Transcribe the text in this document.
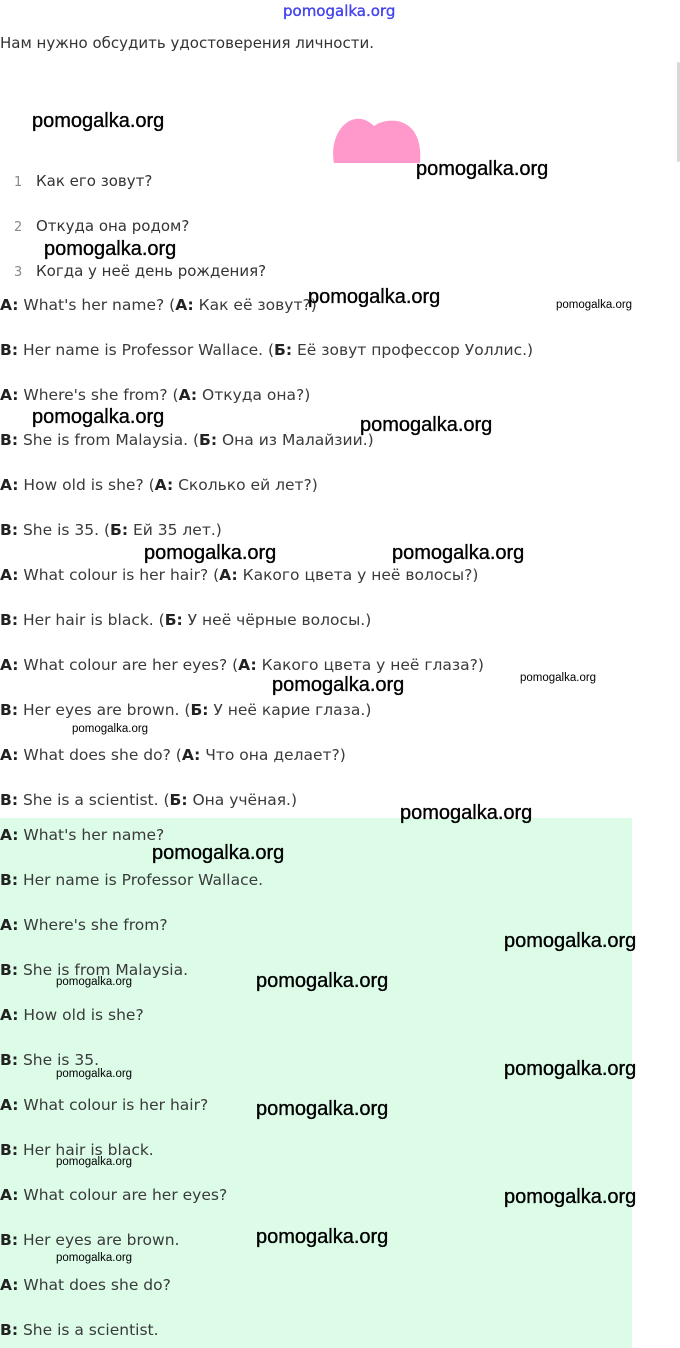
pomogalka.org
Нам нужно обсудить удостоверения личности.
1 Как его зовут?
2 Откуда она родом?
3 Когда у неё день рождения?
A: What's her name? (A: Как её зовут?)
B: Her name is Professor Wallace. (Б: Её зовут профессор Уоллис.)
A: Where's she from? (A: Откуда она?)
B: She is from Malaysia. (Б: Она из Малайзии.)
A: How old is she? (A: Сколько ей лет?)
B: She is 35. (Б: Ей 35 лет.)
A: What colour is her hair? (A: Какого цвета у неё волосы?)
B: Her hair is black. (Б: У неё чёрные волосы.)
A: What colour are her eyes? (A: Какого цвета у неё глаза?)
B: Her eyes are brown. (Б: У неё карие глаза.)
A: What does she do? (A: Что она делает?)
B: She is a scientist. (Б: Она учёная.)
A: What's her name?
B: Her name is Professor Wallace.
A: Where's she from?
B: She is from Malaysia.
A: How old is she?
B: She is 35.
A: What colour is her hair?
B: Her hair is black.
A: What colour are her eyes?
B: Her eyes are brown.
A: What does she do?
B: She is a scientist.
pomogalka.org
pomogalka.org
pomogalka.org
pomogalka.org	pomogalka.org
pomogalka.org	pomogalka.org
pomogalka.org	pomogalka.org
pomogalka.org	pomogalka.org
pomogalka.org
pomogalka.org
pomogalka.org
pomogalka.org
pomogalka.org	pomogalka.org
pomogalka.org
pomogalka.org
pomogalka.org
pomogalka.org
pomogalka.org
pomogalka.org
pomogalka.org
